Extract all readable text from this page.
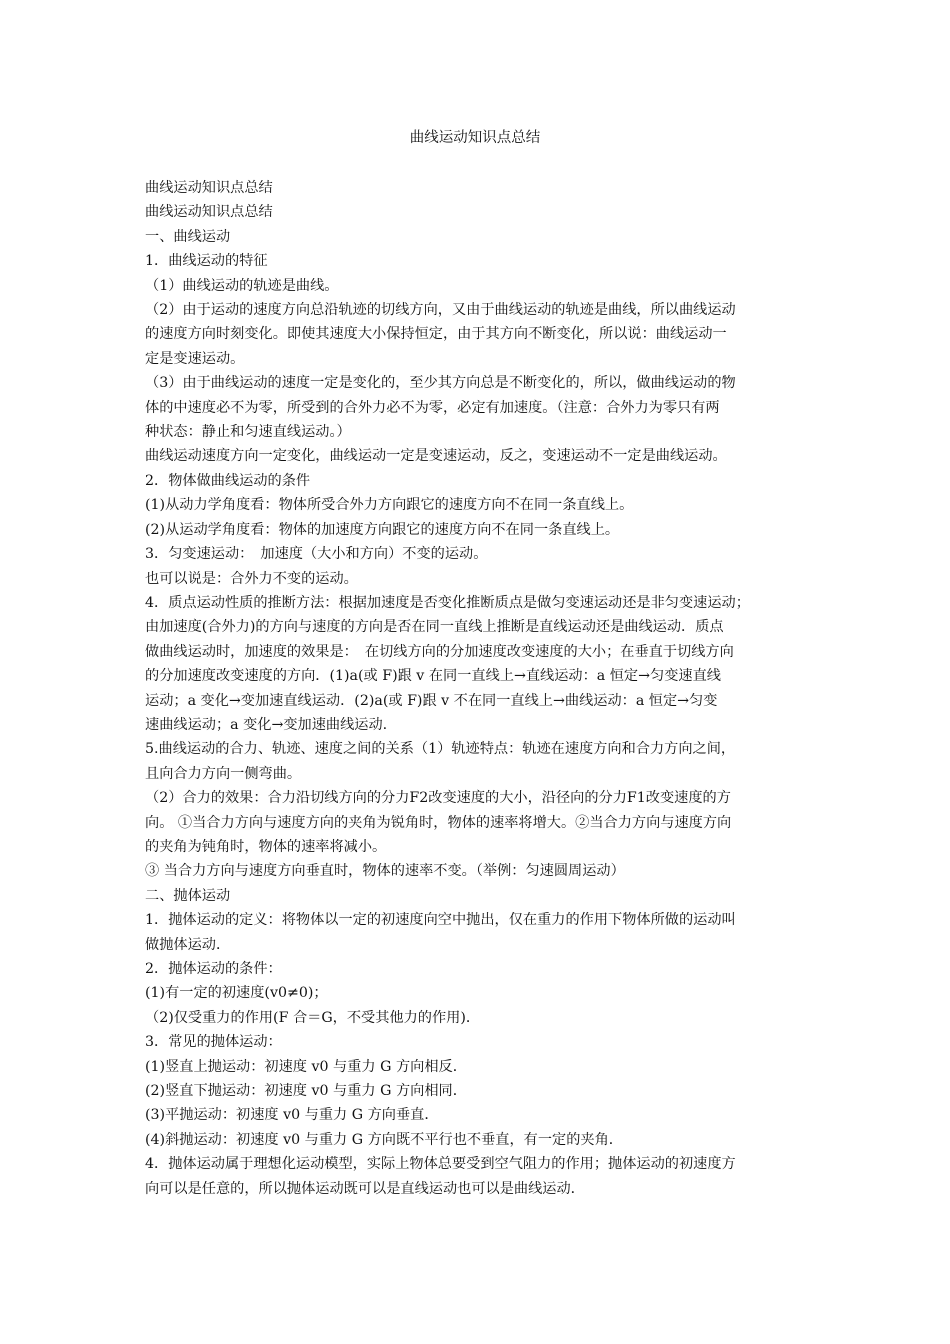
曲线运动知识点总结

曲线运动知识点总结

曲线运动知识点总结

一、曲线运动

1．曲线运动的特征

（1）曲线运动的轨迹是曲线。

（2）由于运动的速度方向总沿轨迹的切线方向，又由于曲线运动的轨迹是曲线，所以曲线运动

的速度方向时刻变化。即使其速度大小保持恒定，由于其方向不断变化，所以说：曲线运动一

定是变速运动。

（3）由于曲线运动的速度一定是变化的，至少其方向总是不断变化的，所以，做曲线运动的物

体的中速度必不为零，所受到的合外力必不为零，必定有加速度。（注意：合外力为零只有两

种状态：静止和匀速直线运动。）

曲线运动速度方向一定变化，曲线运动一定是变速运动，反之，变速运动不一定是曲线运动。

2．物体做曲线运动的条件

(1)从动力学角度看：物体所受合外力方向跟它的速度方向不在同一条直线上。

(2)从运动学角度看：物体的加速度方向跟它的速度方向不在同一条直线上。

3．匀变速运动：　加速度（大小和方向）不变的运动。

也可以说是：合外力不变的运动。

4．质点运动性质的推断方法：根据加速度是否变化推断质点是做匀变速运动还是非匀变速运动；

由加速度(合外力)的方向与速度的方向是否在同一直线上推断是直线运动还是曲线运动．质点

做曲线运动时，加速度的效果是：　在切线方向的分加速度改变速度的大小；在垂直于切线方向

的分加速度改变速度的方向．(1)a(或 F)跟 v 在同一直线上→直线运动：a 恒定→匀变速直线

运动；a 变化→变加速直线运动．(2)a(或 F)跟 v 不在同一直线上→曲线运动：a 恒定→匀变

速曲线运动；a 变化→变加速曲线运动.

5.曲线运动的合力、轨迹、速度之间的关系（1）轨迹特点：轨迹在速度方向和合力方向之间，

且向合力方向一侧弯曲。

（2）合力的效果：合力沿切线方向的分力F2改变速度的大小，沿径向的分力F1改变速度的方

向。 ①当合力方向与速度方向的夹角为锐角时，物体的速率将增大。②当合力方向与速度方向

的夹角为钝角时，物体的速率将减小。

③ 当合力方向与速度方向垂直时，物体的速率不变。（举例：匀速圆周运动）

二、抛体运动

1．抛体运动的定义：将物体以一定的初速度向空中抛出，仅在重力的作用下物体所做的运动叫

做抛体运动．

2．抛体运动的条件：

(1)有一定的初速度(v0≠0)；

（2)仅受重力的作用(F 合＝G，不受其他力的作用)．

3．常见的抛体运动：

(1)竖直上抛运动：初速度 v0 与重力 G 方向相反．

(2)竖直下抛运动：初速度 v0 与重力 G 方向相同．

(3)平抛运动：初速度 v0 与重力 G 方向垂直．

(4)斜抛运动：初速度 v0 与重力 G 方向既不平行也不垂直，有一定的夹角．

4．抛体运动属于理想化运动模型，实际上物体总要受到空气阻力的作用；抛体运动的初速度方

向可以是任意的，所以抛体运动既可以是直线运动也可以是曲线运动．
